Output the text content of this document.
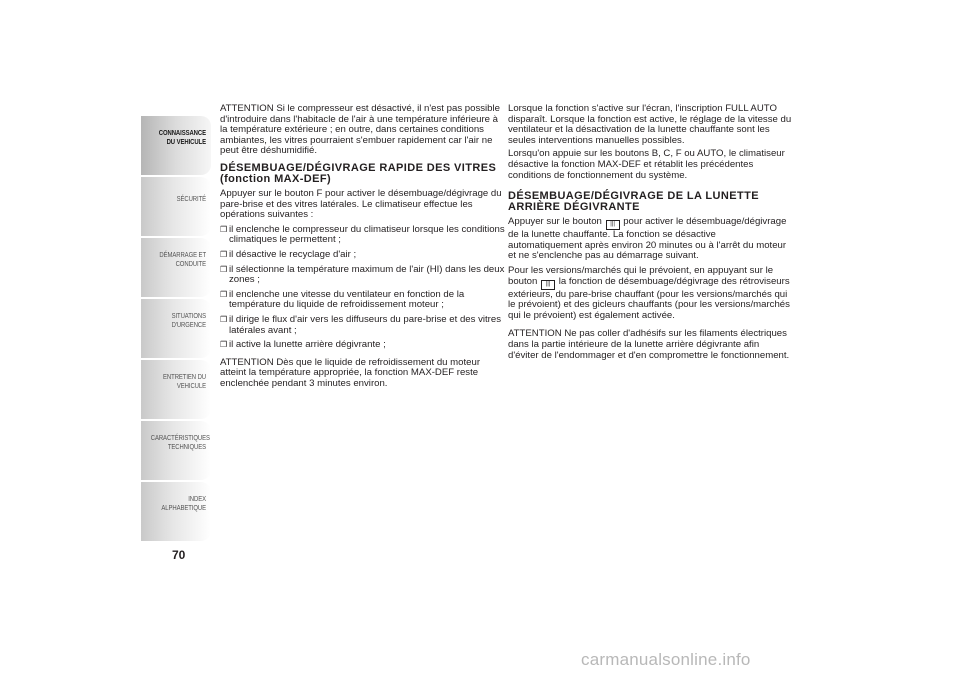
CONNAISSANCE
DU VEHICULE
SÉCURITÉ
DÉMARRAGE ET
CONDUITE
SITUATIONS
D'URGENCE
ENTRETIEN DU
VEHICULE
CARACTÉRISTIQUES
TECHNIQUES
INDEX
ALPHABETIQUE
70

ATTENTION Si le compresseur est désactivé, il n'est pas possible d'introduire dans l'habitacle de l'air à une température inférieure à la température extérieure ; en outre, dans certaines conditions ambiantes, les vitres pourraient s'embuer rapidement car l'air ne peut être déshumidifié.

DÉSEMBUAGE/DÉGIVRAGE RAPIDE DES VITRES (fonction MAX-DEF)

Appuyer sur le bouton F pour activer le désembuage/dégivrage du pare-brise et des vitres latérales. Le climatiseur effectue les opérations suivantes :

❒ il enclenche le compresseur du climatiseur lorsque les conditions climatiques le permettent ;

❒ il désactive le recyclage d'air ;

❒ il sélectionne la température maximum de l'air (HI) dans les deux zones ;

❒ il enclenche une vitesse du ventilateur en fonction de la température du liquide de refroidissement moteur ;

❒ il dirige le flux d'air vers les diffuseurs du pare-brise et des vitres latérales avant ;

❒ il active la lunette arrière dégivrante ;

ATTENTION Dès que le liquide de refroidissement du moteur atteint la température appropriée, la fonction MAX-DEF reste enclenchée pendant 3 minutes environ.

Lorsque la fonction s'active sur l'écran, l'inscription FULL AUTO disparaît. Lorsque la fonction est active, le réglage de la vitesse du ventilateur et la désactivation de la lunette chauffante sont les seules interventions manuelles possibles.

Lorsqu'on appuie sur les boutons B, C, F ou AUTO, le climatiseur désactive la fonction MAX-DEF et rétablit les précédentes conditions de fonctionnement du système.

DÉSEMBUAGE/DÉGIVRAGE DE LA LUNETTE ARRIÈRE DÉGIVRANTE

Appuyer sur le bouton ||| pour activer le désembuage/dégivrage de la lunette chauffante. La fonction se désactive automatiquement après environ 20 minutes ou à l'arrêt du moteur et ne s'enclenche pas au démarrage suivant.

Pour les versions/marchés qui le prévoient, en appuyant sur le bouton ||| la fonction de désembuage/dégivrage des rétroviseurs extérieurs, du pare-brise chauffant (pour les versions/marchés qui le prévoient) et des gicleurs chauffants (pour les versions/marchés qui le prévoient) est également activée.

ATTENTION Ne pas coller d'adhésifs sur les filaments électriques dans la partie intérieure de la lunette arrière dégivrante afin d'éviter de l'endommager et d'en compromettre le fonctionnement.

carmanualsonline.info
